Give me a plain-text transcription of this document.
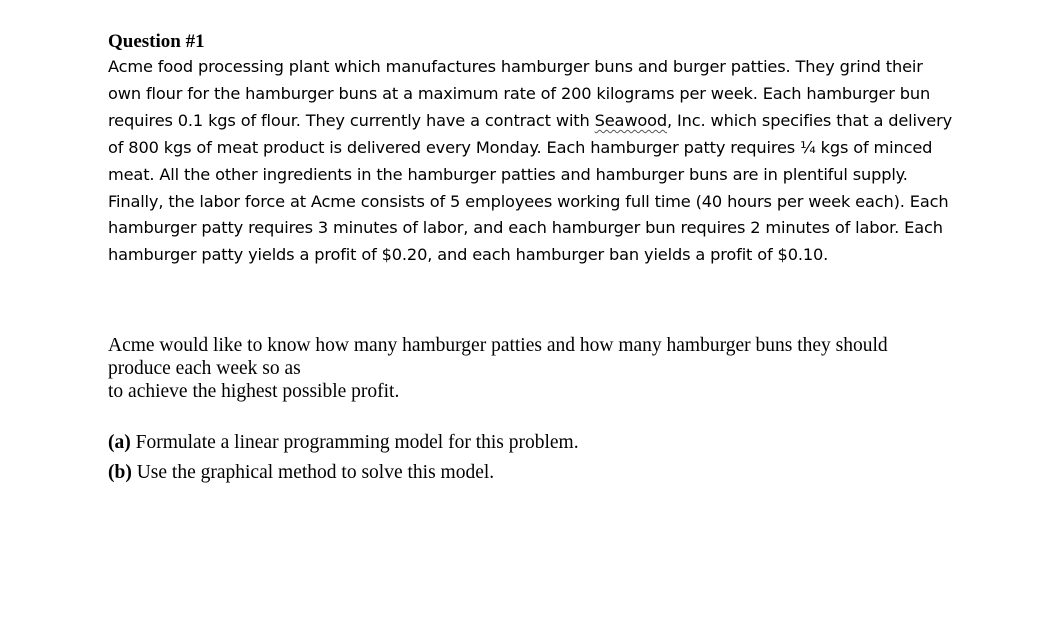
Question #1

Acme food processing plant which manufactures hamburger buns and burger patties. They grind their own flour for the hamburger buns at a maximum rate of 200 kilograms per week. Each hamburger bun requires 0.1 kgs of flour. They currently have a contract with Seawood, Inc. which specifies that a delivery of 800 kgs of meat product is delivered every Monday. Each hamburger patty requires ¼ kgs of minced meat. All the other ingredients in the hamburger patties and hamburger buns are in plentiful supply. Finally, the labor force at Acme consists of 5 employees working full time (40 hours per week each). Each hamburger patty requires 3 minutes of labor, and each hamburger bun requires 2 minutes of labor. Each hamburger patty yields a profit of $0.20, and each hamburger ban yields a profit of $0.10.

Acme would like to know how many hamburger patties and how many hamburger buns they should
produce each week so as
to achieve the highest possible profit.

(a) Formulate a linear programming model for this problem.
(b) Use the graphical method to solve this model.
